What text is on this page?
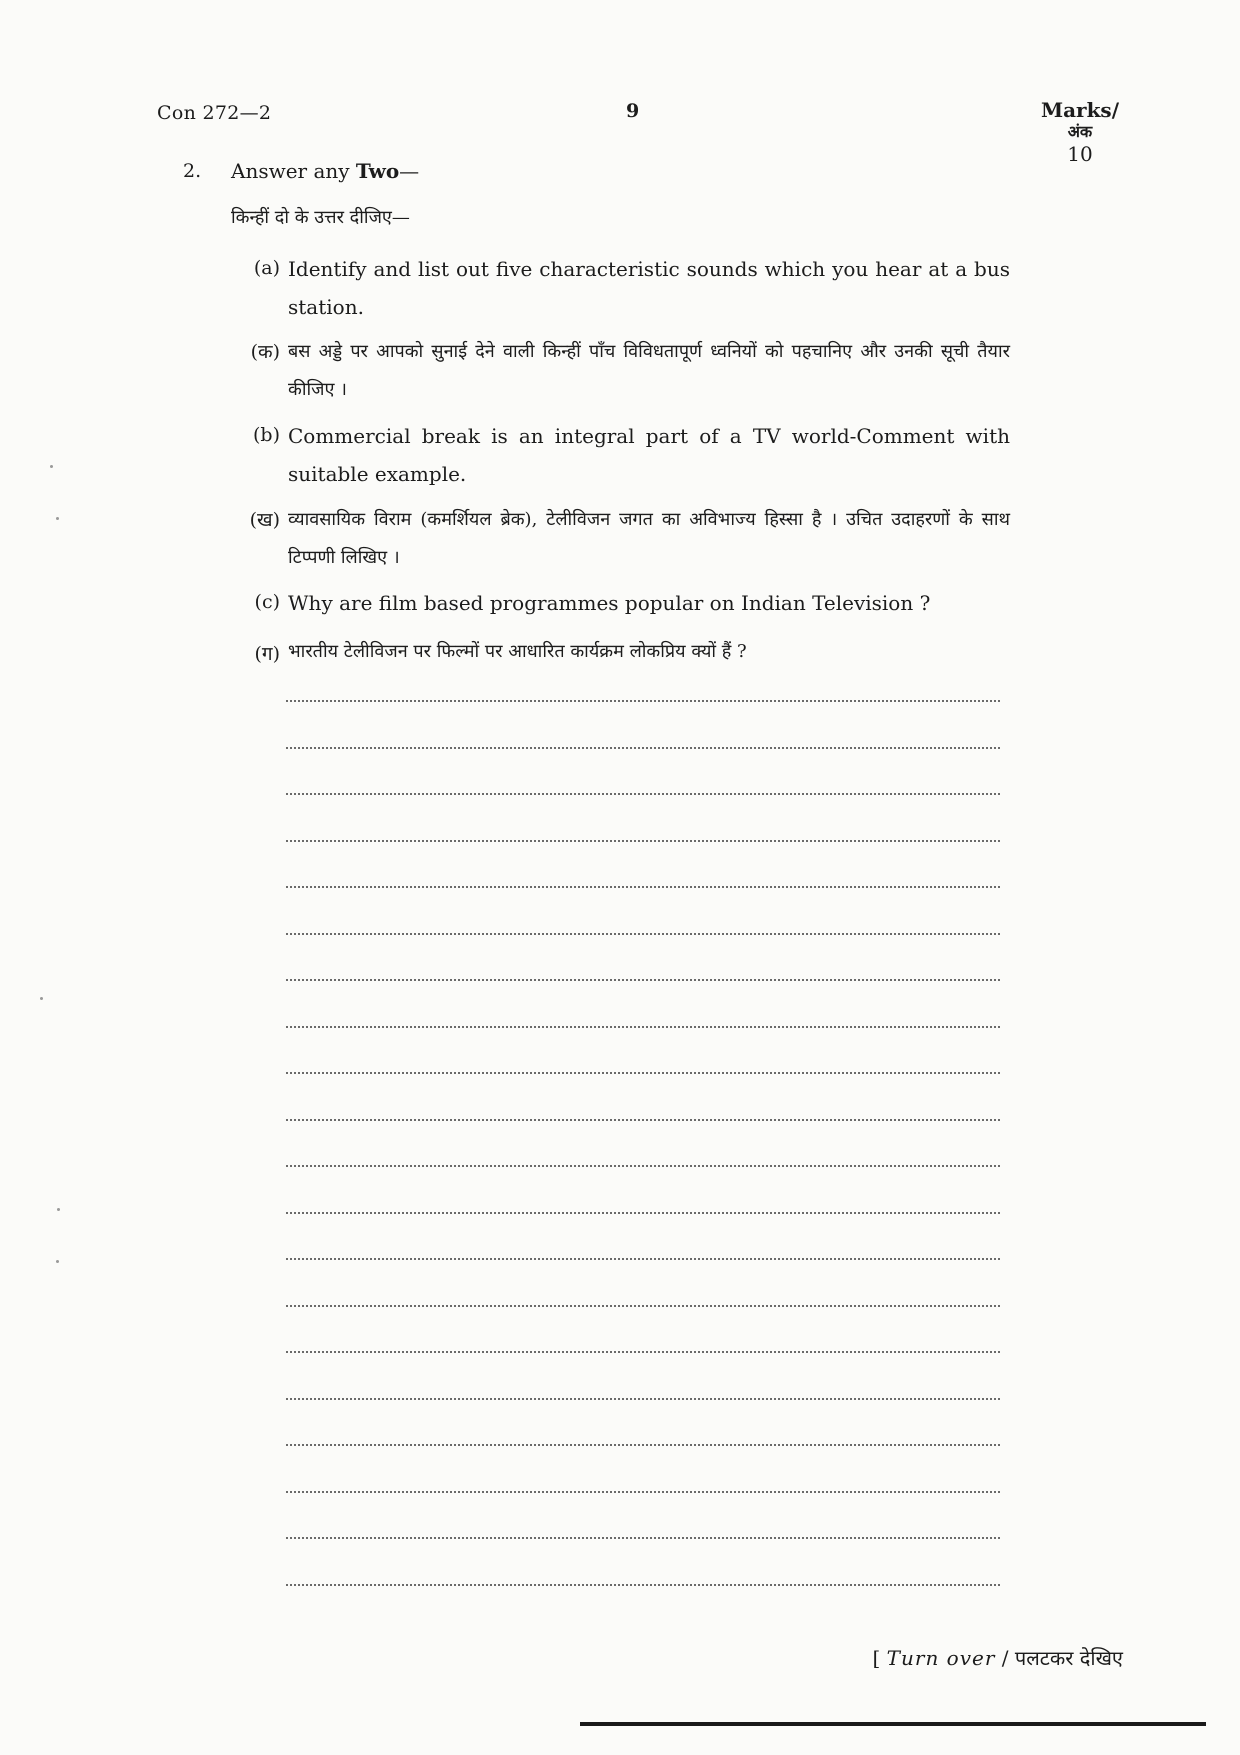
Con 272—2	9	Marks/
अंक
10
2. Answer any Two—
किन्हीं दो के उत्तर दीजिए—
(a) Identify and list out five characteristic sounds which you hear at a bus station.
(क) बस अड्डे पर आपको सुनाई देने वाली किन्हीं पाँच विविधतापूर्ण ध्वनियों को पहचानिए और उनकी सूची तैयार कीजिए ।
(b) Commercial break is an integral part of a TV world-Comment with suitable example.
(ख) व्यावसायिक विराम (कमर्शियल ब्रेक), टेलीविजन जगत का अविभाज्य हिस्सा है । उचित उदाहरणों के साथ टिप्पणी लिखिए ।
(c) Why are film based programmes popular on Indian Television ?
(ग) भारतीय टेलीविजन पर फिल्मों पर आधारित कार्यक्रम लोकप्रिय क्यों हैं ?
[ Turn over / पलटकर देखिए
